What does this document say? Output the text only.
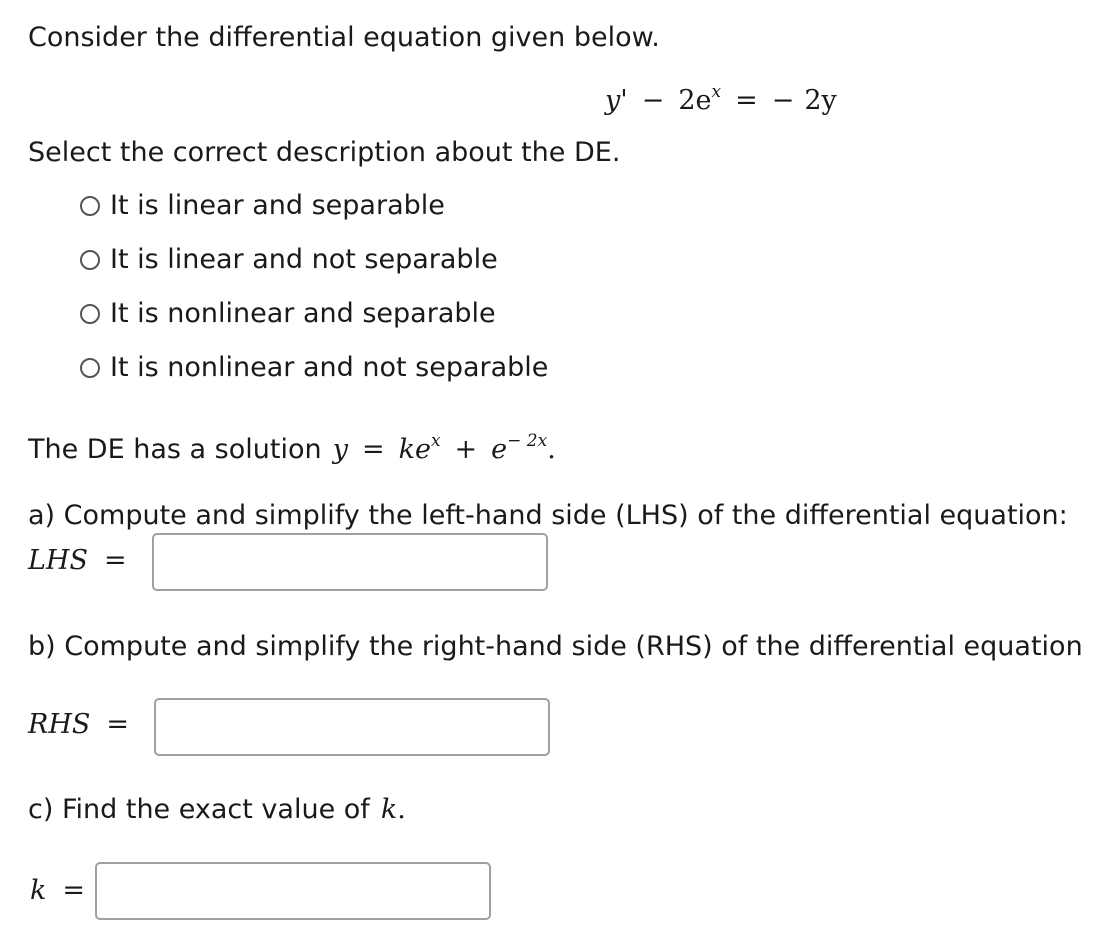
Consider the differential equation given below.
$y' - 2e^x$ = − 2y
Select the correct description about the DE.
It is linear and separable
It is linear and not separable
It is nonlinear and separable
It is nonlinear and not separable
The DE has a solution $y = ke^x + e^{- 2x}$.
a) Compute and simplify the left-hand side (LHS) of the differential equation:
LHS =
b) Compute and simplify the right-hand side (RHS) of the differential equation
RHS =
c) Find the exact value of k.
k =
